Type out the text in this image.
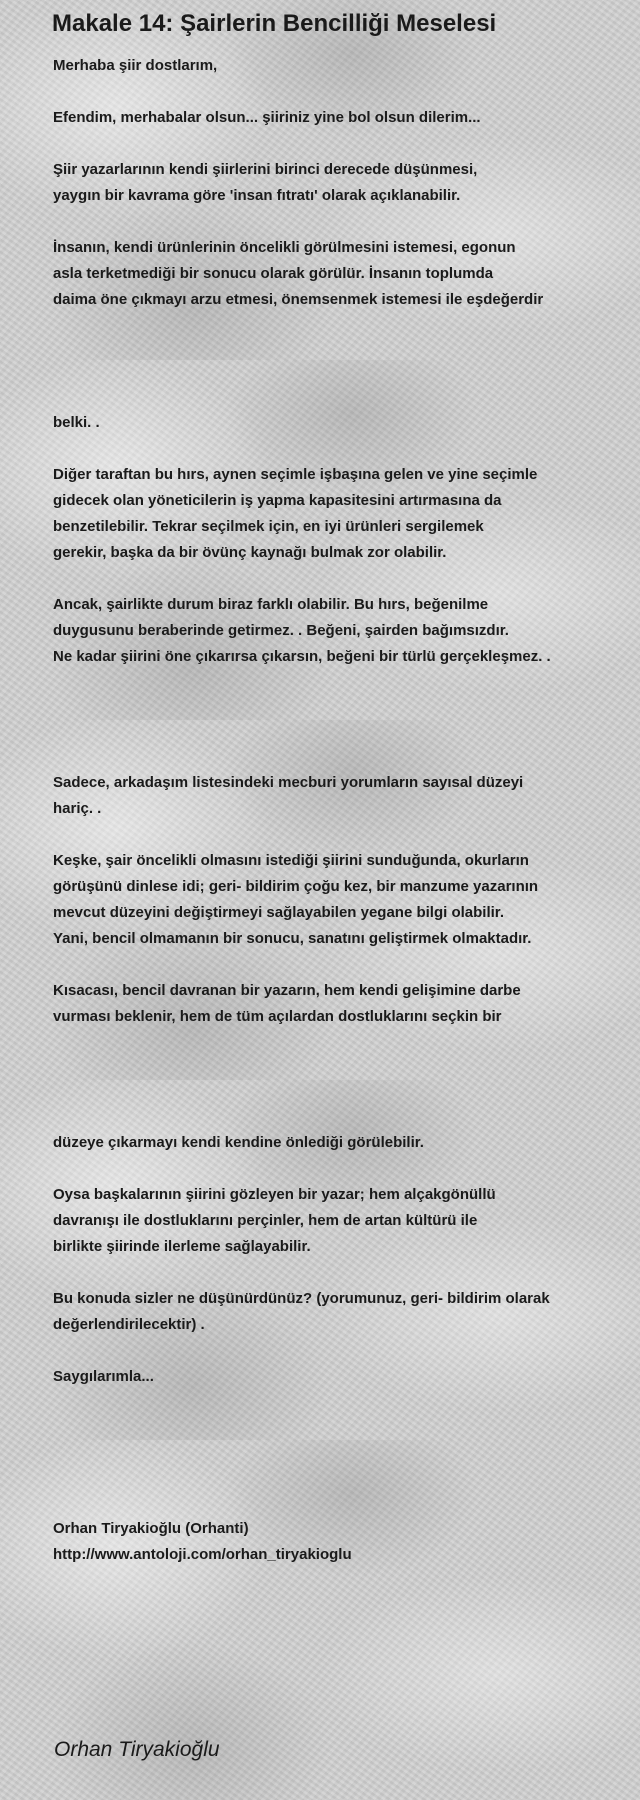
Makale 14: Şairlerin Bencilliği Meselesi

Merhaba şiir dostlarım,

Efendim, merhabalar olsun... şiiriniz yine bol olsun dilerim...

Şiir yazarlarının kendi şiirlerini birinci derecede düşünmesi,
yaygın bir kavrama göre 'insan fıtratı' olarak açıklanabilir.

İnsanın, kendi ürünlerinin öncelikli görülmesini istemesi, egonun
asla terketmediği bir sonucu olarak görülür. İnsanın toplumda
daima öne çıkmayı arzu etmesi, önemsenmek istemesi ile eşdeğerdir

belki. .

Diğer taraftan bu hırs, aynen seçimle işbaşına gelen ve yine seçimle
gidecek olan yöneticilerin iş yapma kapasitesini artırmasına da
benzetilebilir. Tekrar seçilmek için, en iyi ürünleri sergilemek
gerekir, başka da bir övünç kaynağı bulmak zor olabilir.

Ancak, şairlikte durum biraz farklı olabilir. Bu hırs, beğenilme
duygusunu beraberinde getirmez. . Beğeni, şairden bağımsızdır.
Ne kadar şiirini öne çıkarırsa çıkarsın, beğeni bir türlü gerçekleşmez. .

Sadece, arkadaşım listesindeki mecburi yorumların sayısal düzeyi
hariç. .

Keşke, şair öncelikli olmasını istediği şiirini sunduğunda, okurların
görüşünü dinlese idi; geri- bildirim çoğu kez, bir manzume yazarının
mevcut düzeyini değiştirmeyi sağlayabilen yegane bilgi olabilir.
Yani, bencil olmamanın bir sonucu, sanatını geliştirmek olmaktadır.

Kısacası, bencil davranan bir yazarın, hem kendi gelişimine darbe
vurması beklenir, hem de tüm açılardan dostluklarını seçkin bir

düzeye çıkarmayı kendi kendine önlediği görülebilir.

Oysa başkalarının şiirini gözleyen bir yazar; hem alçakgönüllü
davranışı ile dostluklarını perçinler, hem de artan kültürü ile
birlikte şiirinde ilerleme sağlayabilir.

Bu konuda sizler ne düşünürdünüz? (yorumunuz, geri- bildirim olarak
değerlendirilecektir) .

Saygılarımla...

Orhan Tiryakioğlu (Orhanti)
http://www.antoloji.com/orhan_tiryakioglu

Orhan Tiryakioğlu
